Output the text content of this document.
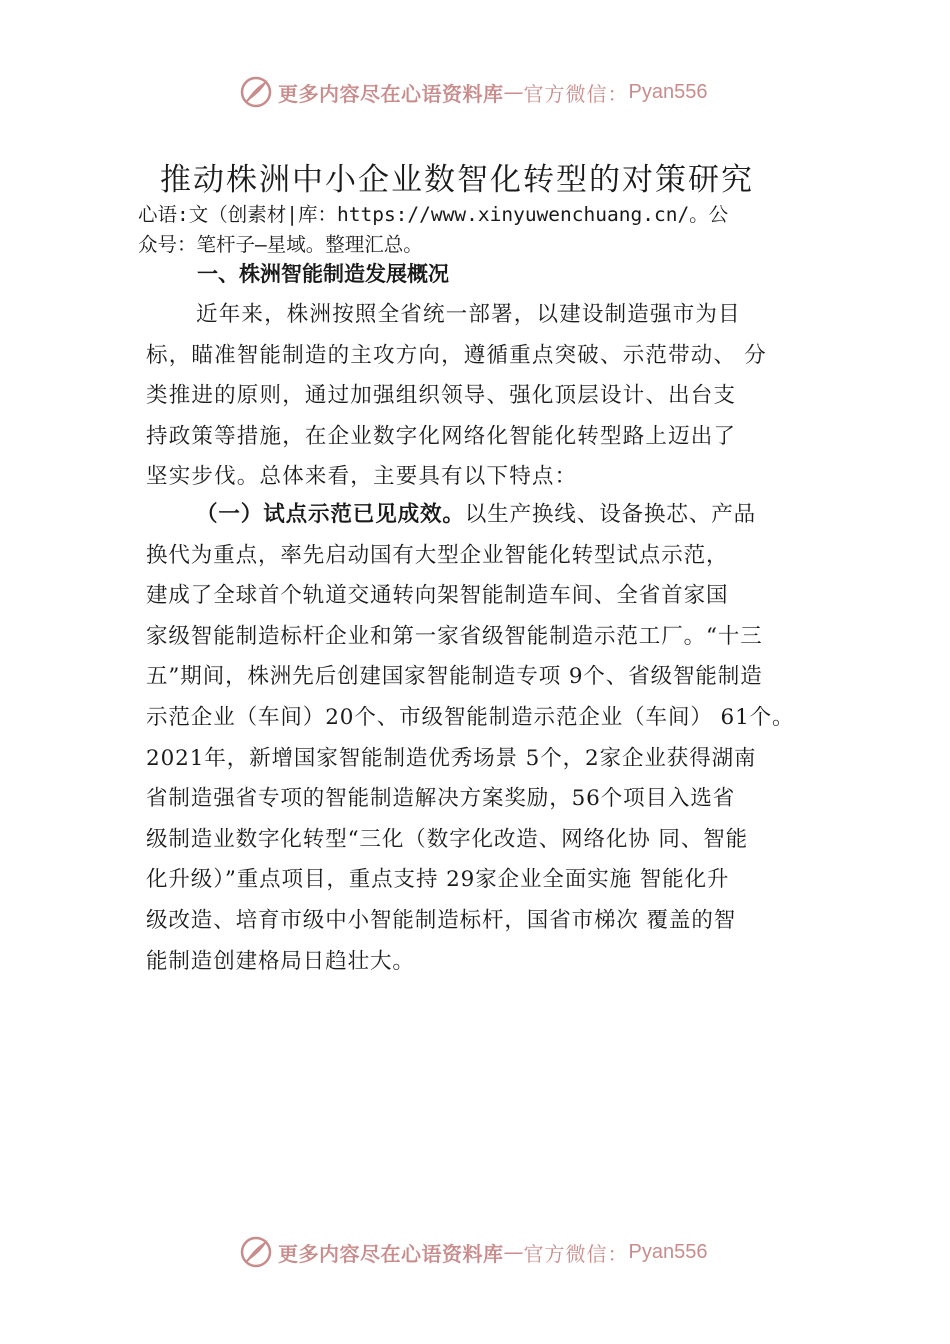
更多内容尽在心语资料库 — 官方微信： Pyan556
推动株洲中小企业数智化转型的对策研究
心语:文（创素材|库：https://www.xinyuwenchuang.cn/。公
众号：笔杆子—星域。整理汇总。
一、株洲智能制造发展概况
近年来，株洲按照全省统一部署，以建设制造强市为目
标，瞄准智能制造的主攻方向，遵循重点突破、示范带动、 分
类推进的原则，通过加强组织领导、强化顶层设计、出台支
持政策等措施，在企业数字化网络化智能化转型路上迈出了
坚实步伐。总体来看，主要具有以下特点：
（一）试点示范已见成效。以生产换线、设备换芯、产品
换代为重点，率先启动国有大型企业智能化转型试点示范，
建成了全球首个轨道交通转向架智能制造车间、全省首家国
家级智能制造标杆企业和第一家省级智能制造示范工厂。“十三
五”期间，株洲先后创建国家智能制造专项 9个、省级智能制造
示范企业（车间）20个、市级智能制造示范企业（车间） 61个。
2021年，新增国家智能制造优秀场景 5个，2家企业获得湖南
省制造强省专项的智能制造解决方案奖励，56个项目入选省
级制造业数字化转型“三化（数字化改造、网络化协 同、智能
化升级）”重点项目，重点支持 29家企业全面实施 智能化升
级改造、培育市级中小智能制造标杆，国省市梯次 覆盖的智
能制造创建格局日趋壮大。
更多内容尽在心语资料库 — 官方微信： Pyan556
